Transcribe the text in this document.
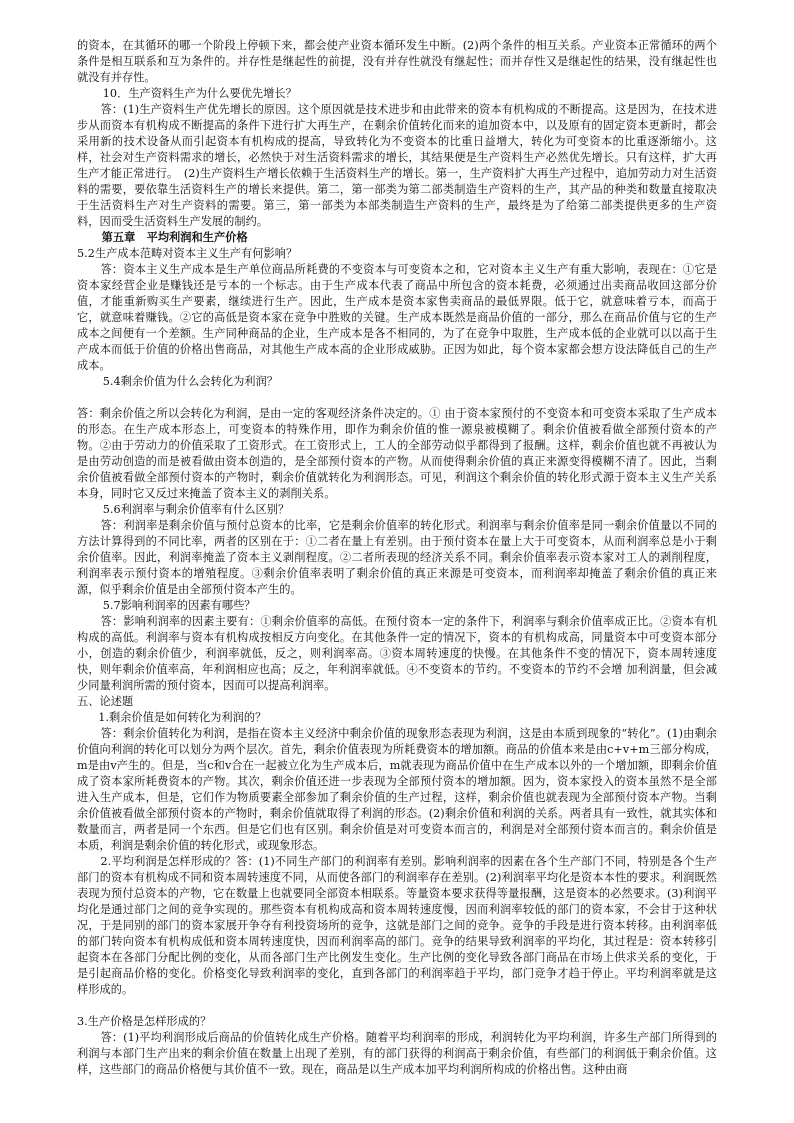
的资本，在其循环的哪一个阶段上停顿下来，都会使产业资本循环发生中断。(2)两个条件的相互关系。产业资本正常循环的两个条件是相互联系和互为条件的。并存性是继起性的前提，没有并存性就没有继起性；而并存性又是继起性的结果，没有继起性也就没有并存性。

10．生产资料生产为什么要优先增长？

答：(1)生产资料生产优先增长的原因。这个原因就是技术进步和由此带来的资本有机构成的不断提高。这是因为，在技术进步从而资本有机构成不断提高的条件下进行扩大再生产，在剩余价值转化而来的追加资本中，以及原有的固定资本更新时，都会采用新的技术设备从而引起资本有机构成的提高，导致转化为不变资本的比重日益增大，转化为可变资本的比重逐渐缩小。这样，社会对生产资料需求的增长，必然快于对生活资料需求的增长，其结果便是生产资料生产必然优先增长。只有这样，扩大再生产才能正常进行。　(2)生产资料生产增长依赖于生活资料生产的增长。第一，生产资料扩大再生产过程中，追加劳动力对生活资料的需要，要依靠生活资料生产的增长来提供。第二，第一部类为第二部类制造生产资料的生产，其产品的种类和数量直接取决于生活资料生产对生产资料的需要。第三，第一部类为本部类制造生产资料的生产，最终是为了给第二部类提供更多的生产资料，因而受生活资料生产发展的制约。

第五章　平均利润和生产价格

5.2生产成本范畴对资本主义生产有何影响？

答：资本主义生产成本是生产单位商品所耗费的不变资本与可变资本之和，它对资本主义生产有重大影响，表现在：①它是资本家经营企业是赚钱还是亏本的一个标志。由于生产成本代表了商品中所包含的资本耗费，必须通过出卖商品收回这部分价值，才能重新购买生产要素，继续进行生产。因此，生产成本是资本家售卖商品的最低界限。低于它，就意味着亏本，而高于它，就意味着赚钱。②它的高低是资本家在竞争中胜败的关键。生产成本既然是商品价值的一部分，那么在商品价值与它的生产成本之间便有一个差额。生产同种商品的企业，生产成本是各不相同的，为了在竞争中取胜，生产成本低的企业就可以以高于生产成本而低于价值的价格出售商品，对其他生产成本高的企业形成威胁。正因为如此，每个资本家都会想方设法降低自己的生产成本。

5.4剩余价值为什么会转化为利润？

答：剩余价值之所以会转化为利润，是由一定的客观经济条件决定的。① 由于资本家预付的不变资本和可变资本采取了生产成本的形态。在生产成本形态上，可变资本的特殊作用，即作为剩余价值的惟一源泉被模糊了。剩余价值被看做全部预付资本的产物。②由于劳动力的价值采取了工资形式。在工资形式上，工人的全部劳动似乎都得到了报酬。这样，剩余价值也就不再被认为是由劳动创造的而是被看做由资本创造的，是全部预付资本的产物。从而使得剩余价值的真正来源变得模糊不清了。因此，当剩余价值被看做全部预付资本的产物时，剩余价值就转化为利润形态。可见，利润这个剩余价值的转化形式源于资本主义生产关系本身，同时它又反过来掩盖了资本主义的剥削关系。

5.6利润率与剩余价值率有什么区别？

答：利润率是剩余价值与预付总资本的比率，它是剩余价值率的转化形式。利润率与剩余价值率是同一剩余价值量以不同的方法计算得到的不同比率，两者的区别在于：①二者在量上有差别。由于预付资本在量上大于可变资本，从而利润率总是小于剩余价值率。因此，利润率掩盖了资本主义剥削程度。②二者所表现的经济关系不同。剩余价值率表示资本家对工人的剥削程度，利润率表示预付资本的增殖程度。③剩余价值率表明了剩余价值的真正来源是可变资本，而利润率却掩盖了剩余价值的真正来源，似乎剩余价值是由全部预付资本产生的。

5.7影响利润率的因素有哪些？

答：影响利润率的因素主要有：①剩余价值率的高低。在预付资本一定的条件下，利润率与剩余价值率成正比。②资本有机构成的高低。利润率与资本有机构成按相反方向变化。在其他条件一定的情况下，资本的有机构成高，同量资本中可变资本部分小，创造的剩余价值少，利润率就低，反之，则利润率高。③资本周转速度的快慢。在其他条件不变的情况下，资本周转速度快，则年剩余价值率高，年利润相应也高；反之，年利润率就低。④不变资本的节约。不变资本的节约不会增 加利润量，但会减少同量利润所需的预付资本，因而可以提高利润率。

五、论述题

1.剩余价值是如何转化为利润的？

答：剩余价值转化为利润，是指在资本主义经济中剩余价值的现象形态表现为利润，这是由本质到现象的“转化”。(1)由剩余价值向利润的转化可以划分为两个层次。首先，剩余价值表现为所耗费资本的增加额。商品的价值本来是由c+v+m三部分构成，m是由v产生的。但是，当c和v合在一起被立化为生产成本后，m就表现为商品价值中在生产成本以外的一个增加额，即剩余价值成了资本家所耗费资本的产物。其次，剩余价值还进一步表现为全部预付资本的增加额。因为，资本家投入的资本虽然不是全部进入生产成本，但是，它们作为物质要素全部参加了剩余价值的生产过程，这样，剩余价值也就表现为全部预付资本产物。当剩余价值被看做全部预付资本的产物时，剩余价值就取得了利润的形态。(2)剩余价值和利润的关系。两者具有一致性，就其实体和数量而言，两者是同一个东西。但是它们也有区别。剩余价值是对可变资本而言的，利润是对全部预付资本而言的。剩余价值是本质，利润是剩余价值的转化形式，或现象形态。

2.平均利润是怎样形成的？答：(1)不同生产部门的利润率有差别。影响利润率的因素在各个生产部门不同，特别是各个生产部门的资本有机构成不同和资本周转速度不同，从而使各部门的利润率存在差别。(2)利润率平均化是资本本性的要求。利润既然表现为预付总资本的产物，它在数量上也就要同全部资本相联系。等量资本要求获得等量报酬，这是资本的必然要求。(3)利润平均化是通过部门之间的竞争实现的。那些资本有机构成高和资本周转速度慢，因而利润率较低的部门的资本家，不会甘于这种状况，于是同别的部门的资本家展开争夺有利投资场所的竞争，这就是部门之间的竞争。竞争的手段是进行资本转移。由利润率低的部门转向资本有机构成低和资本周转速度快，因而利润率高的部门。竞争的结果导致利润率的平均化，其过程是：资本转移引起资本在各部门分配比例的变化，从而各部门生产比例发生变化。生产比例的变化导致各部门商品在市场上供求关系的变化，于是引起商品价格的变化。价格变化导致利润率的变化，直到各部门的利润率趋于平均，部门竞争才趋于停止。平均利润率就是这样形成的。

3.生产价格是怎样形成的？

答：(1)平均利润形成后商品的价值转化成生产价格。随着平均利润率的形成，利润转化为平均利润，许多生产部门所得到的利润与本部门生产出来的剩余价值在数量上出现了差别，有的部门获得的利润高于剩余价值，有些部门的利润低于剩余价值。这样，这些部门的商品价格便与其价值不一致。现在，商品是以生产成本加平均利润所构成的价格出售。这种由商
